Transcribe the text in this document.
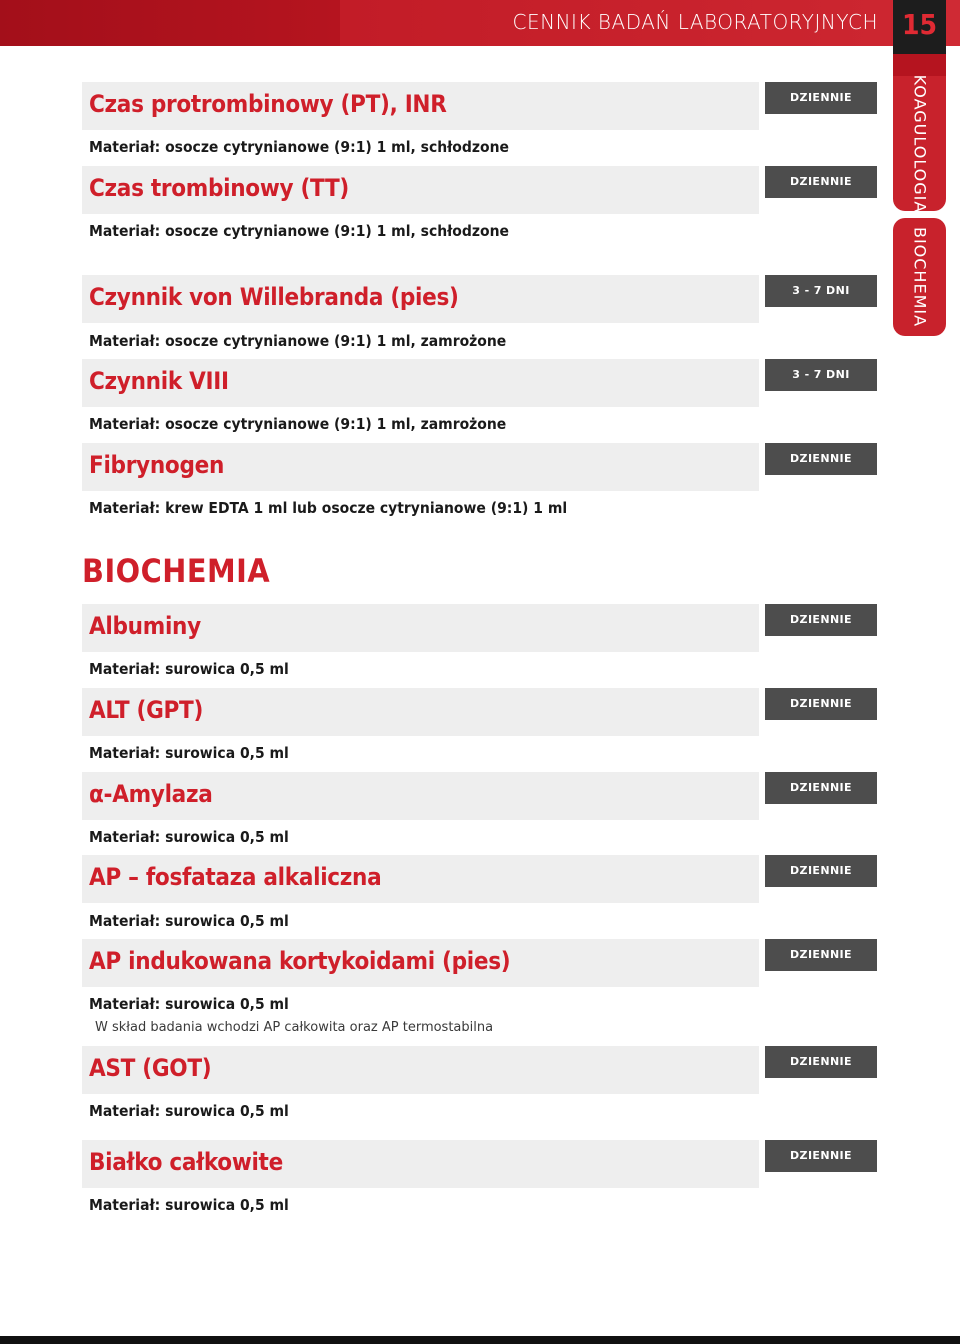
CENNIK BADAŃ LABORATORYJNYCH 15
KOAGULOLOGIA
BIOCHEMIA
Czas protrombinowy (PT), INR	DZIENNIE
Materiał: osocze cytrynianowe (9:1) 1 ml, schłodzone
Czas trombinowy (TT)	DZIENNIE
Materiał: osocze cytrynianowe (9:1) 1 ml, schłodzone
Czynnik von Willebranda (pies)	3 - 7 DNI
Materiał: osocze cytrynianowe (9:1) 1 ml, zamrożone
Czynnik VIII	3 - 7 DNI
Materiał: osocze cytrynianowe (9:1) 1 ml, zamrożone
Fibrynogen	DZIENNIE
Materiał: krew EDTA 1 ml lub osocze cytrynianowe (9:1) 1 ml
BIOCHEMIA
Albuminy	DZIENNIE
Materiał: surowica 0,5 ml
ALT (GPT)	DZIENNIE
Materiał: surowica 0,5 ml
α-Amylaza	DZIENNIE
Materiał: surowica 0,5 ml
AP – fosfataza alkaliczna	DZIENNIE
Materiał: surowica 0,5 ml
AP indukowana kortykoidami (pies)	DZIENNIE
Materiał: surowica 0,5 ml
W skład badania wchodzi AP całkowita oraz AP termostabilna
AST (GOT)	DZIENNIE
Materiał: surowica 0,5 ml
Białko całkowite	DZIENNIE
Materiał: surowica 0,5 ml
